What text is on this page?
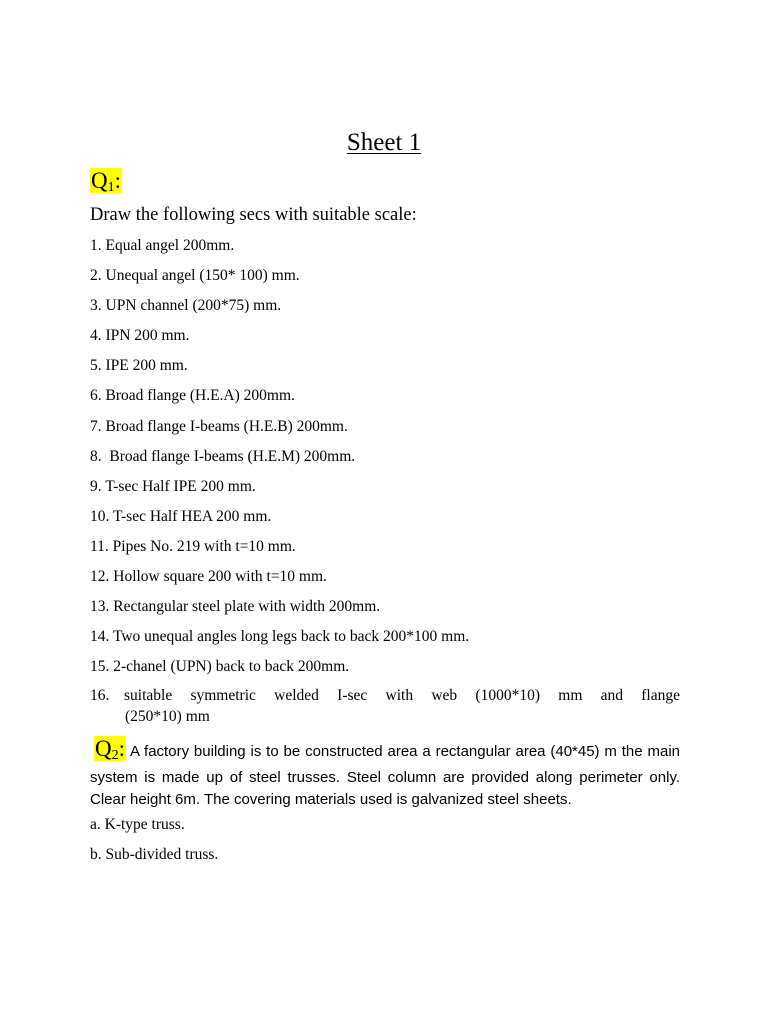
Sheet 1
$Q_1$:
Draw the following secs with suitable scale:
1. Equal angel 200mm.
2. Unequal angel (150* 100) mm.
3. UPN channel (200*75) mm.
4. IPN 200 mm.
5. IPE 200 mm.
6. Broad flange (H.E.A) 200mm.
7. Broad flange I-beams (H.E.B) 200mm.
8.  Broad flange I-beams (H.E.M) 200mm.
9. T-sec Half IPE 200 mm.
10. T-sec Half HEA 200 mm.
11. Pipes No. 219 with t=10 mm.
12. Hollow square 200 with t=10 mm.
13. Rectangular steel plate with width 200mm.
14. Two unequal angles long legs back to back 200*100 mm.
15. 2-chanel (UPN) back to back 200mm.
16. suitable symmetric welded I-sec with web (1000*10) mm and flange
(250*10) mm
$Q_2$: A factory building is to be constructed area a rectangular area (40*45) m the main system is made up of steel trusses. Steel column are provided along perimeter only. Clear height 6m. The covering materials used is galvanized steel sheets.
a. K-type truss.
b. Sub-divided truss.
